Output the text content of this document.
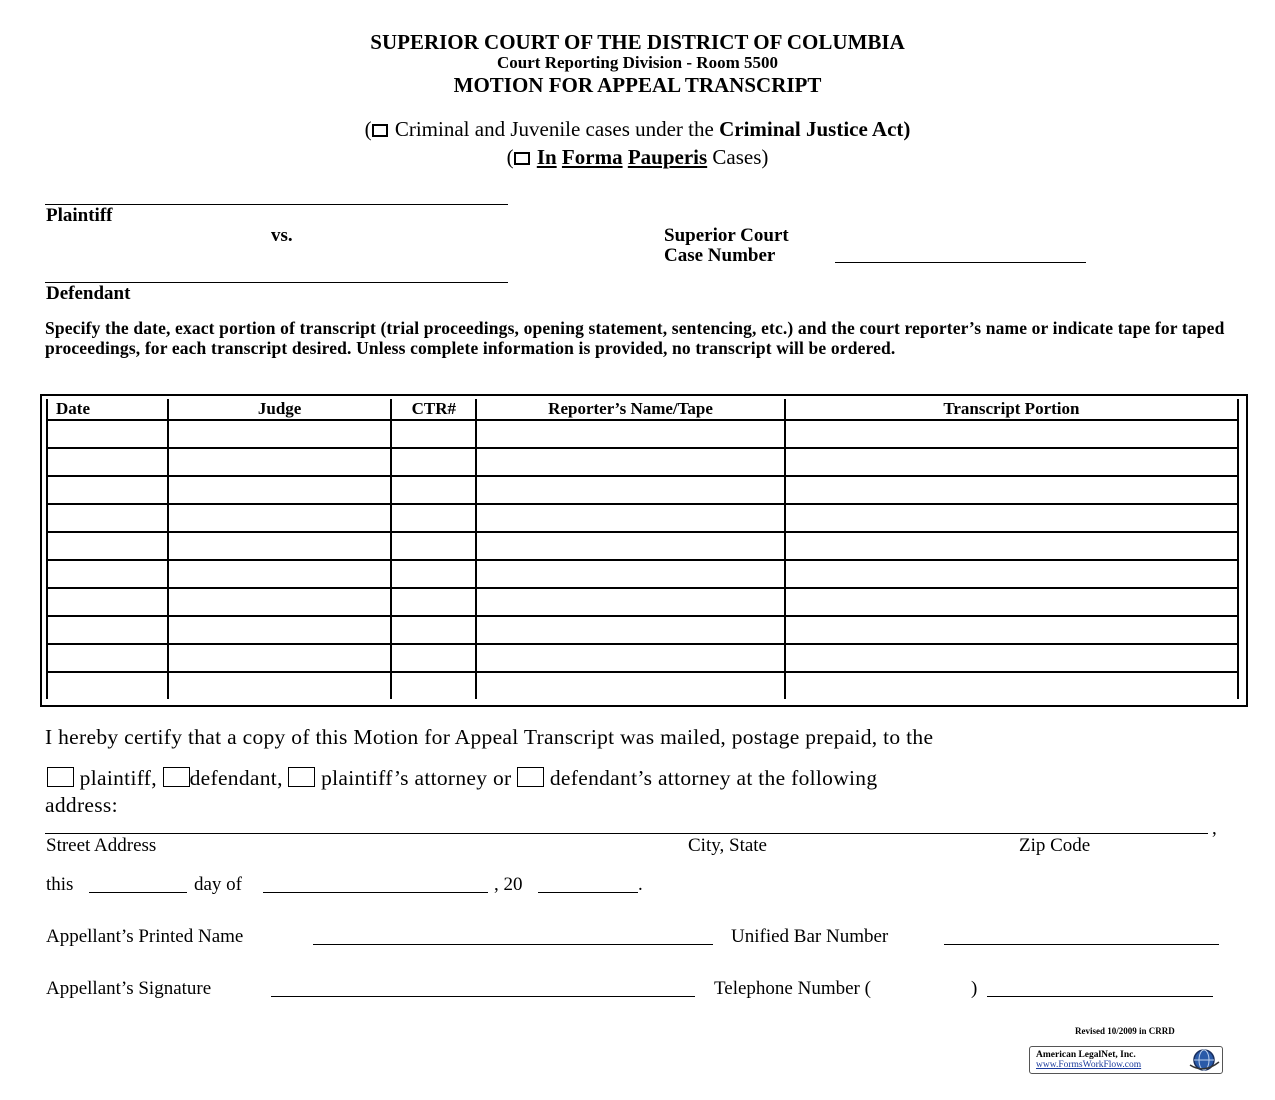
SUPERIOR COURT OF THE DISTRICT OF COLUMBIA
Court Reporting Division - Room 5500
MOTION FOR APPEAL TRANSCRIPT
( Criminal and Juvenile cases under the Criminal Justice Act)
( In Forma Pauperis Cases)
Plaintiff
vs.
Defendant
Superior Court
Case Number
Specify the date, exact portion of transcript (trial proceedings, opening statement, sentencing, etc.) and the court reporter’s name or indicate tape for taped proceedings, for each transcript desired. Unless complete information is provided, no transcript will be ordered.
Date	Judge	CTR#	Reporter’s Name/Tape	Transcript Portion

I hereby certify that a copy of this Motion for Appeal Transcript was mailed, postage prepaid, to the
plaintiff, defendant,  plaintiff’s attorney or  defendant’s attorney at the following
address:
,
Street Address	City, State	Zip Code
this	day of	, 20	.
Appellant’s Printed Name	Unified Bar Number
Appellant’s Signature	Telephone Number (	)
Revised 10/2009 in CRRD
American LegalNet, Inc.
www.FormsWorkFlow.com
